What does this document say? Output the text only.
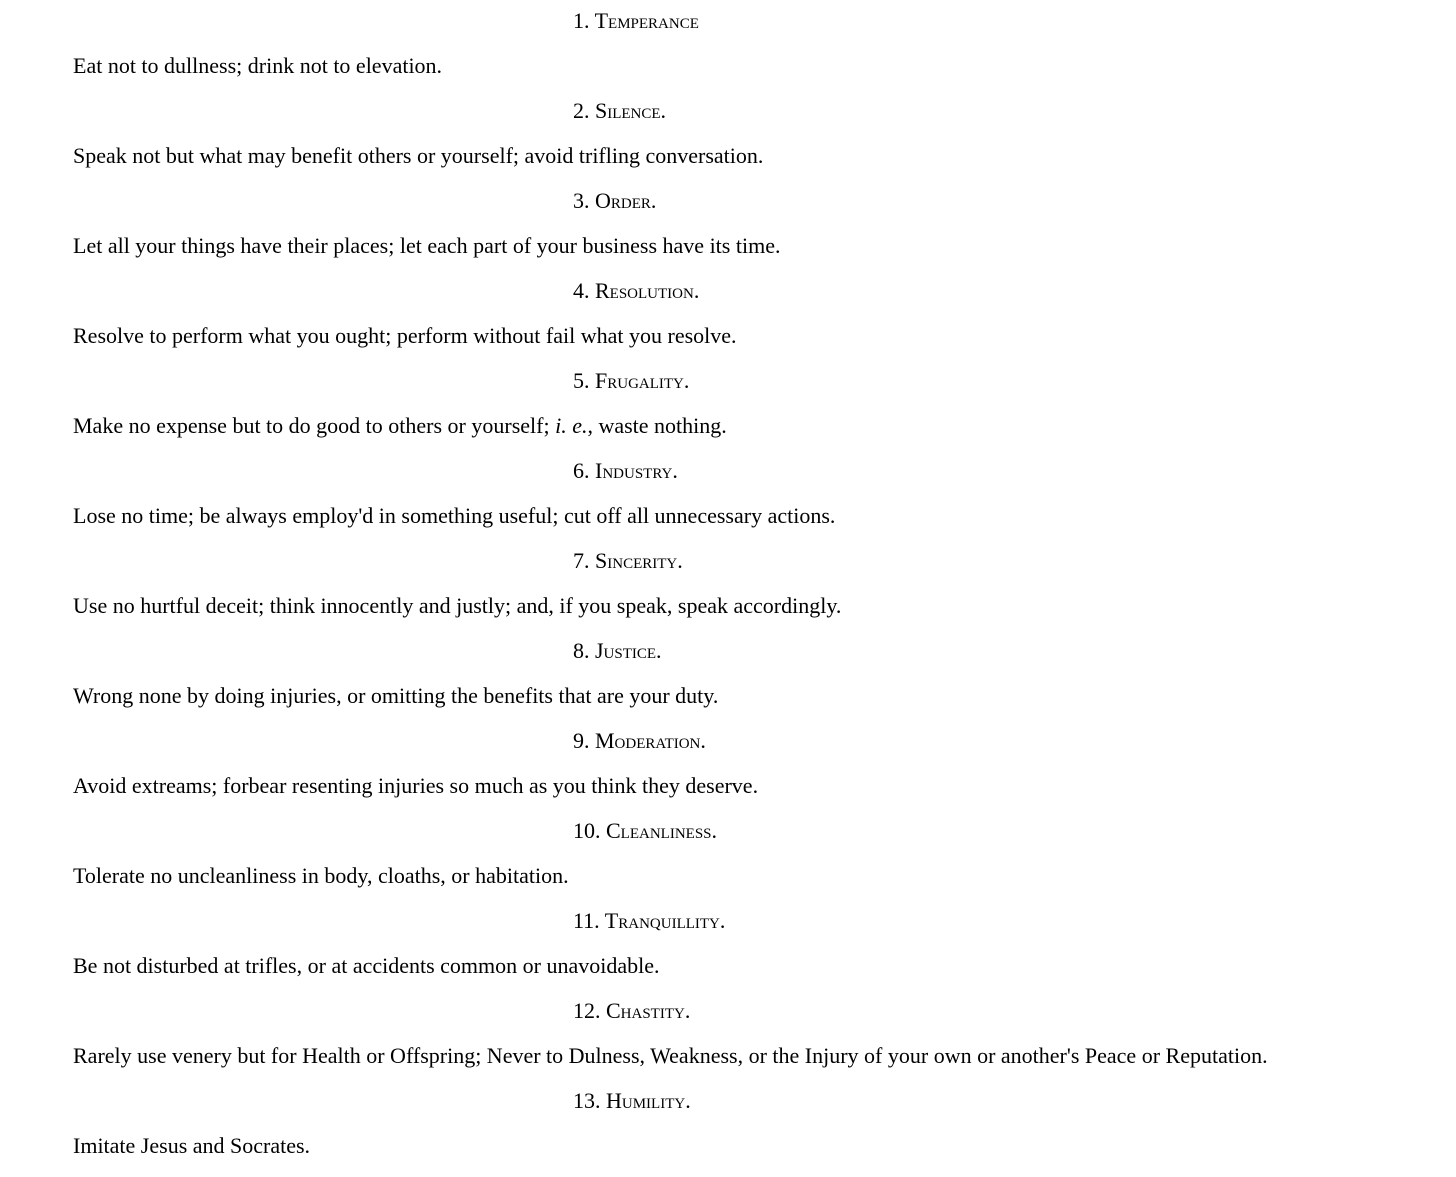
1. Temperance
Eat not to dullness; drink not to elevation.
2. Silence.
Speak not but what may benefit others or yourself; avoid trifling conversation.
3. Order.
Let all your things have their places; let each part of your business have its time.
4. Resolution.
Resolve to perform what you ought; perform without fail what you resolve.
5. Frugality.
Make no expense but to do good to others or yourself; i. e., waste nothing.
6. Industry.
Lose no time; be always employ'd in something useful; cut off all unnecessary actions.
7. Sincerity.
Use no hurtful deceit; think innocently and justly; and, if you speak, speak accordingly.
8. Justice.
Wrong none by doing injuries, or omitting the benefits that are your duty.
9. Moderation.
Avoid extreams; forbear resenting injuries so much as you think they deserve.
10. Cleanliness.
Tolerate no uncleanliness in body, cloaths, or habitation.
11. Tranquillity.
Be not disturbed at trifles, or at accidents common or unavoidable.
12. Chastity.
Rarely use venery but for Health or Offspring; Never to Dulness, Weakness, or the Injury of your own or another's Peace or Reputation.
13. Humility.
Imitate Jesus and Socrates.
